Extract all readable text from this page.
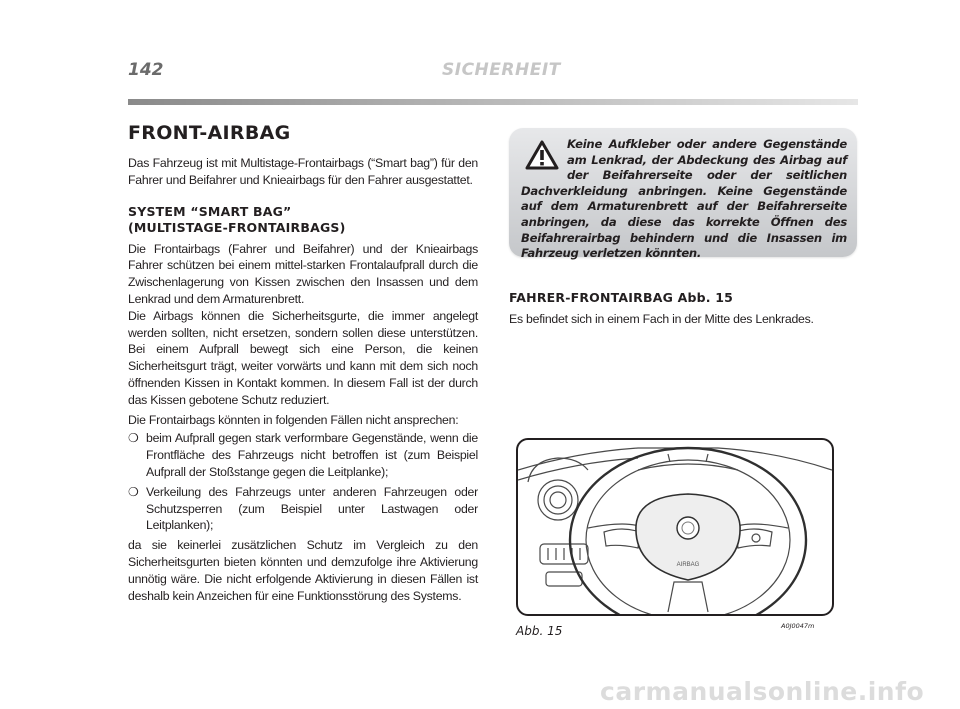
142	SICHERHEIT
FRONT-AIRBAG

Das Fahrzeug ist mit Multistage-Frontairbags (“Smart bag”) für den Fahrer und Beifahrer und Knieairbags für den Fahrer ausgestattet.

SYSTEM “SMART BAG”
(MULTISTAGE-FRONTAIRBAGS)

Die Frontairbags (Fahrer und Beifahrer) und der Knieairbags Fahrer schützen bei einem mittel-starken Frontalaufprall durch die Zwischenlagerung von Kissen zwischen den Insassen und dem Lenkrad und dem Armaturenbrett.

Die Airbags können die Sicherheitsgurte, die immer angelegt werden sollten, nicht ersetzen, sondern sollen diese unterstützen. Bei einem Aufprall bewegt sich eine Person, die keinen Sicherheitsgurt trägt, weiter vorwärts und kann mit dem sich noch öffnenden Kissen in Kontakt kommen. In diesem Fall ist der durch das Kissen gebotene Schutz reduziert.

Die Frontairbags könnten in folgenden Fällen nicht ansprechen:

❍ beim Aufprall gegen stark verformbare Gegenstände, wenn die Frontfläche des Fahrzeugs nicht betroffen ist (zum Beispiel Aufprall der Stoßstange gegen die Leitplanke);

❍ Verkeilung des Fahrzeugs unter anderen Fahrzeugen oder Schutzsperren (zum Beispiel unter Lastwagen oder Leitplanken);

da sie keinerlei zusätzlichen Schutz im Vergleich zu den Sicherheitsgurten bieten könnten und demzufolge ihre Aktivierung unnötig wäre. Die nicht erfolgende Aktivierung in diesen Fällen ist deshalb kein Anzeichen für eine Funktionsstörung des Systems.

Keine Aufkleber oder andere Gegenstände am Lenkrad, der Abdeckung des Airbag auf der Beifahrerseite oder der seitlichen Dachverkleidung anbringen. Keine Gegenstände auf dem Armaturenbrett auf der Beifahrerseite anbringen, da diese das korrekte Öffnen des Beifahrerairbag behindern und die Insassen im Fahrzeug verletzen könnten.

FAHRER-FRONTAIRBAG Abb. 15

Es befindet sich in einem Fach in der Mitte des Lenkrades.

AIRBAG
Abb. 15	A0J0047m
carmanualsonline.info
